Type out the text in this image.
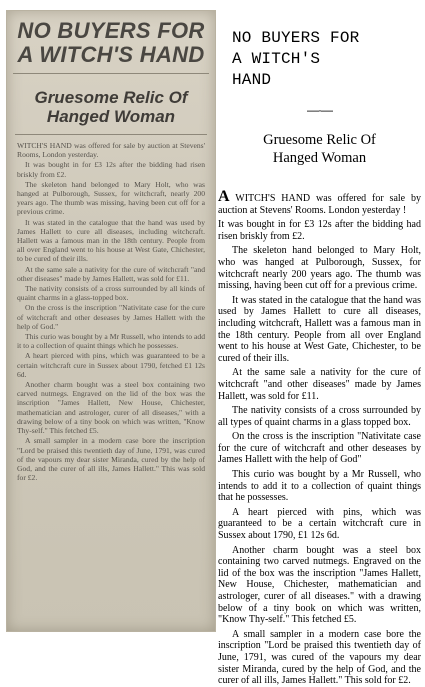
NO BUYERS FOR A WITCH'S HAND
Gruesome Relic Of Hanged Woman

WITCH'S HAND was offered for sale by auction at Stevens' Rooms, London yesterday.

It was bought in for £3 12s after the bidding had risen briskly from £2.

The skeleton hand belonged to Mary Holt, who was hanged at Pulborough, Sussex, for witchcraft, nearly 200 years ago. The thumb was missing, having been cut off for a previous crime.

It was stated in the catalogue that the hand was used by James Hallett to cure all diseases, including witchcraft. Hallett was a famous man in the 18th century. People from all over England went to his house at West Gate, Chichester, to be cured of their ills.

At the same sale a nativity for the cure of witchcraft "and other diseases" made by James Hallett, was sold for £11.

The nativity consists of a cross surrounded by all kinds of quaint charms in a glass-topped box.

On the cross is the inscription "Nativitate case for the cure of witchcraft and other deseases by James Hallett with the help of God."

This curio was bought by a Mr Russell, who intends to add it to a collection of quaint things which he possesses.

A heart pierced with pins, which was guaranteed to be a certain witchcraft cure in Sussex about 1790, fetched £1 12s 6d.

Another charm bought was a steel box containing two carved nutmegs. Engraved on the lid of the box was the inscription "James Hallett, New House, Chichester, mathematician and astrologer, curer of all diseases," with a drawing below of a tiny book on which was written, "Know Thy-self." This fetched £5.

A small sampler in a modern case bore the inscription "Lord be praised this twentieth day of June, 1791, was cured of the vapours my dear sister Miranda, cured by the help of God, and the curer of all ills, James Hallett." This was sold for £2.

NO BUYERS FOR
A WITCH'S
HAND
—·—
Gruesome Relic Of
Hanged Woman

A WITCH'S HAND was offered for sale by auction at Stevens' Rooms. London yesterday !

It was bought in for £3 12s after the bidding had risen briskly from £2.

The skeleton hand belonged to Mary Holt, who was hanged at Pulborough, Sussex, for witchcraft nearly 200 years ago. The thumb was missing, having been cut off for a previous crime.

It was stated in the catalogue that the hand was used by James Hallett to cure all diseases, including witchcraft, Hallett was a famous man in the 18th century. People from all over England went to his house at West Gate, Chichester, to be cured of their ills.

At the same sale a nativity for the cure of witchcraft "and other diseases" made by James Hallett, was sold for £11.

The nativity consists of a cross surrounded by all types of quaint charms in a glass topped box.

On the cross is the inscription "Nativitate case for the cure of witchcraft and other deseases by James Hallett with the help of God"

This curio was bought by a Mr Russell, who intends to add it to a collection of quaint things that he possesses.

A heart pierced with pins, which was guaranteed to be a certain witchcraft cure in Sussex about 1790, £1 12s 6d.

Another charm bought was a steel box containing two carved nutmegs. Engraved on the lid of the box was the inscription "James Hallett, New House, Chichester, mathematician and astrologer, curer of all diseases." with a drawing below of a tiny book on which was written, "Know Thy-self." This fetched £5.

A small sampler in a modern case bore the inscription "Lord be praised this twentieth day of June, 1791, was cured of the vapours my dear sister Miranda, cured by the help of God, and the curer of all ills, James Hallett." This sold for £2.
